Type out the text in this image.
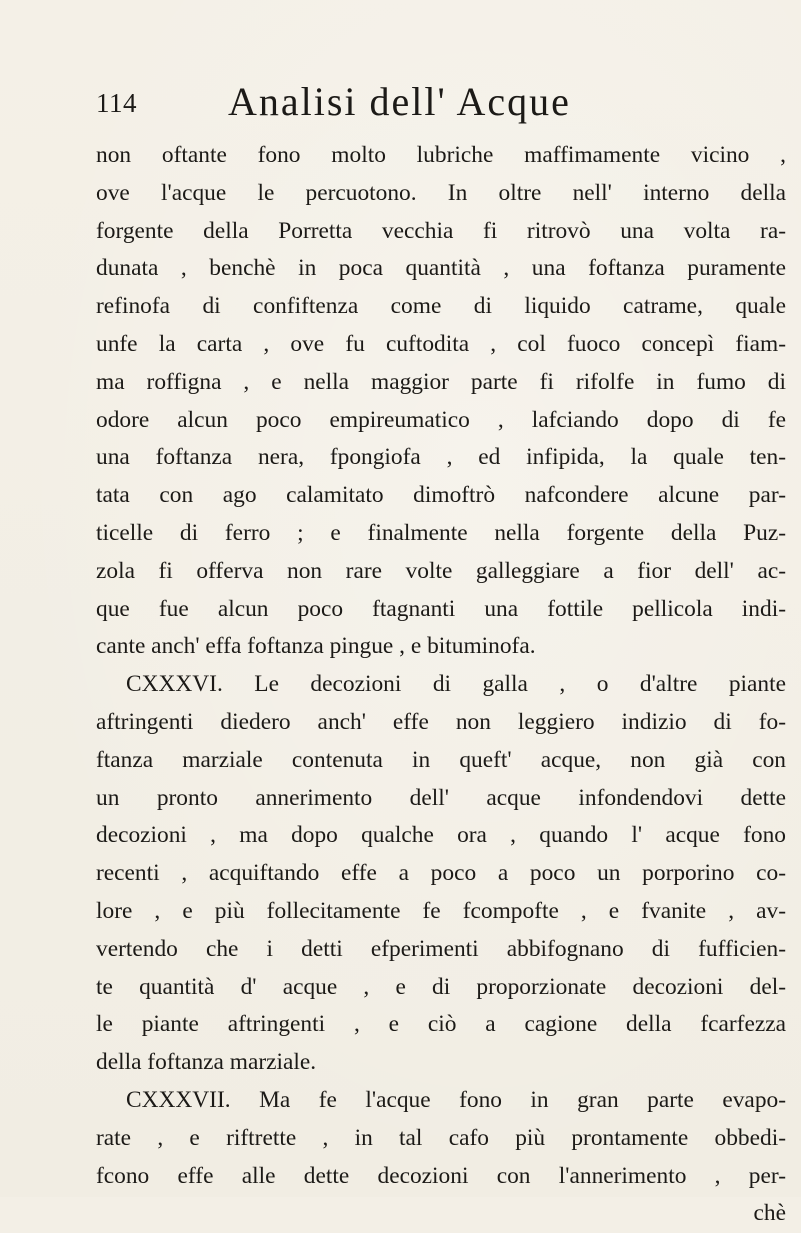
114 Analisi dell' Acque
non oftante fono molto lubriche maffimamente vicino ,
ove l'acque le percuotono. In oltre nell' interno della
forgente della Porretta vecchia fi ritrovò una volta ra-
dunata , benchè in poca quantità , una foftanza puramente
refinofa di confiftenza come di liquido catrame, quale
unfe la carta , ove fu cuftodita , col fuoco concepì fiam-
ma roffigna , e nella maggior parte fi rifolfe in fumo di
odore alcun poco empireumatico , lafciando dopo di fe
una foftanza nera, fpongiofa , ed infipida, la quale ten-
tata con ago calamitato dimoftrò nafcondere alcune par-
ticelle di ferro ; e finalmente nella forgente della Puz-
zola fi offerva non rare volte galleggiare a fior dell' ac-
que fue alcun poco ftagnanti una fottile pellicola indi-
cante anch' effa foftanza pingue , e bituminofa.
CXXXVI. Le decozioni di galla , o d'altre piante
aftringenti diedero anch' effe non leggiero indizio di fo-
ftanza marziale contenuta in queft' acque, non già con
un pronto annerimento dell' acque infondendovi dette
decozioni , ma dopo qualche ora , quando l' acque fono
recenti , acquiftando effe a poco a poco un porporino co-
lore , e più follecitamente fe fcompofte , e fvanite , av-
vertendo che i detti efperimenti abbifognano di fufficien-
te quantità d' acque , e di proporzionate decozioni del-
le piante aftringenti , e ciò a cagione della fcarfezza
della foftanza marziale.
CXXXVII. Ma fe l'acque fono in gran parte evapo-
rate , e riftrette , in tal cafo più prontamente obbedi-
fcono effe alle dette decozioni con l'annerimento , per-
chè
